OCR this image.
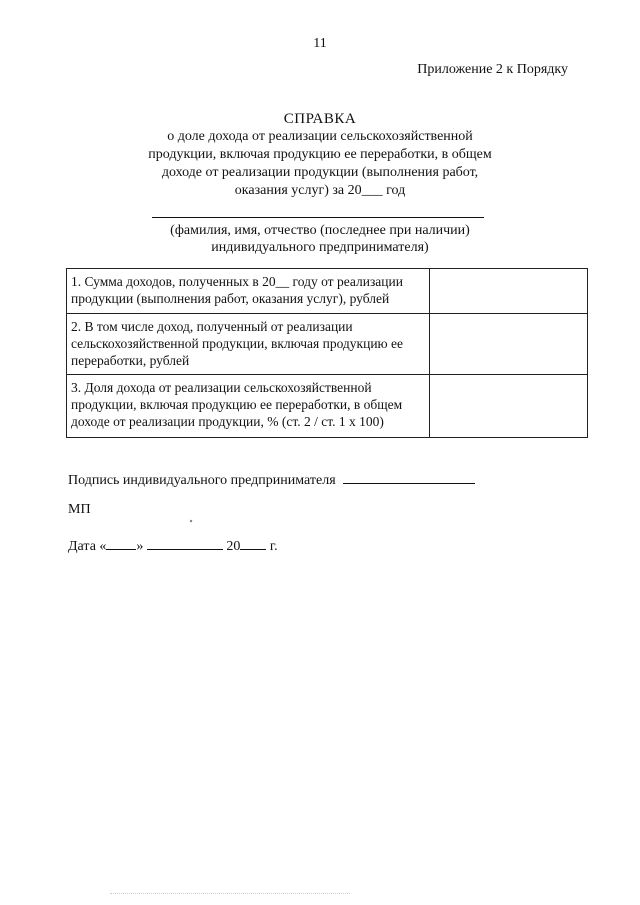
11
Приложение 2 к Порядку
СПРАВКА
о доле дохода от реализации сельскохозяйственной
продукции, включая продукцию ее переработки, в общем
доходе от реализации продукции (выполнения работ,
оказания услуг) за 20___ год
(фамилия, имя, отчество (последнее при наличии)
индивидуального предпринимателя)
1. Сумма доходов, полученных в 20__ году от реализации
продукции (выполнения работ, оказания услуг), рублей	

2. В том числе доход, полученный от реализации
сельскохозяйственной продукции, включая продукцию ее
переработки, рублей	

3. Доля дохода от реализации сельскохозяйственной
продукции, включая продукцию ее переработки, в общем
доходе от реализации продукции, % (ст. 2 / ст. 1 x 100)	

Подпись индивидуального предпринимателя
МП
Дата « »	20 г.
